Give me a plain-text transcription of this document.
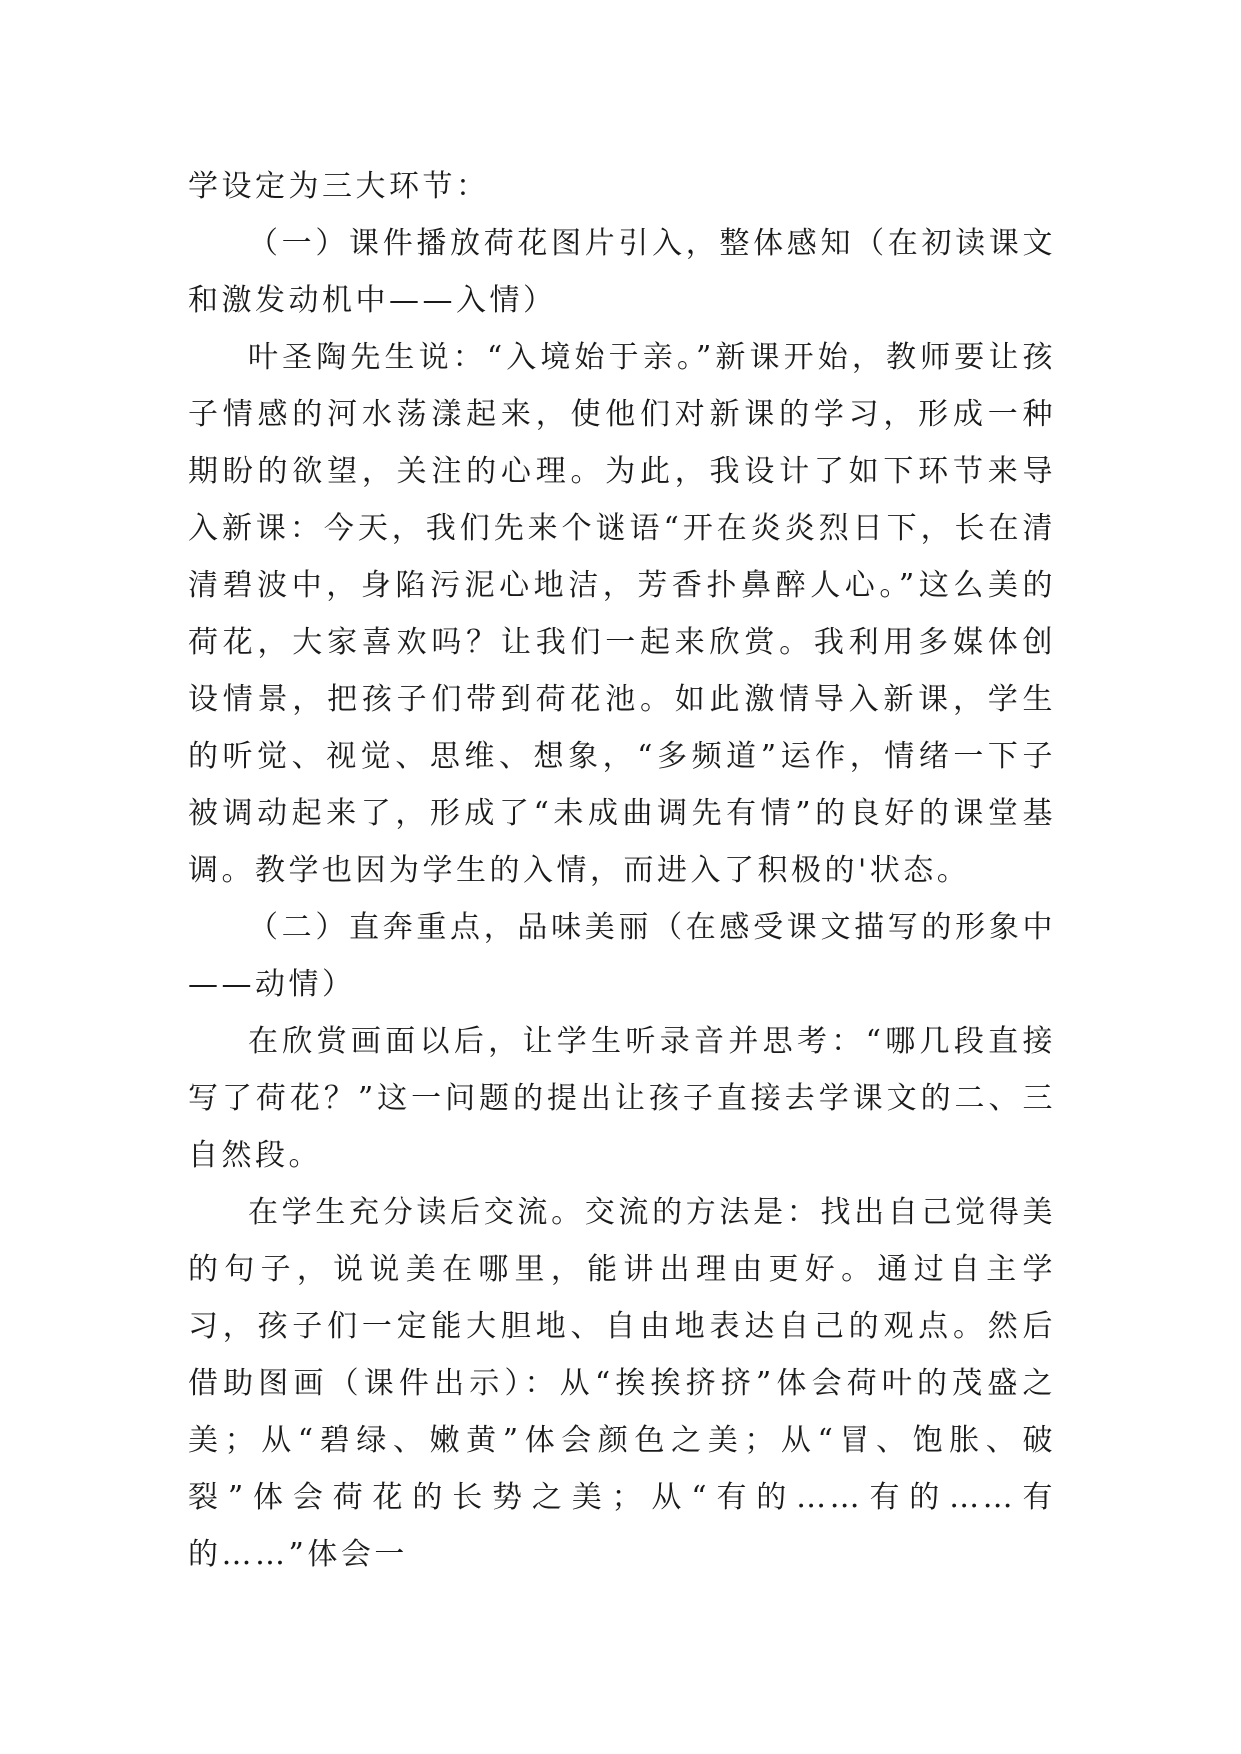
学设定为三大环节：

（一）课件播放荷花图片引入，整体感知（在初读课文和激发动机中——入情）

叶圣陶先生说：“入境始于亲。”新课开始，教师要让孩子情感的河水荡漾起来，使他们对新课的学习，形成一种期盼的欲望，关注的心理。为此，我设计了如下环节来导入新课：今天，我们先来个谜语“开在炎炎烈日下，长在清清碧波中，身陷污泥心地洁，芳香扑鼻醉人心。”这么美的荷花，大家喜欢吗？让我们一起来欣赏。我利用多媒体创设情景，把孩子们带到荷花池。如此激情导入新课，学生的听觉、视觉、思维、想象，“多频道”运作，情绪一下子被调动起来了，形成了“未成曲调先有情”的良好的课堂基调。教学也因为学生的入情，而进入了积极的'状态。

（二）直奔重点，品味美丽（在感受课文描写的形象中——动情）

在欣赏画面以后，让学生听录音并思考：“哪几段直接写了荷花？”这一问题的提出让孩子直接去学课文的二、三自然段。

在学生充分读后交流。交流的方法是：找出自己觉得美的句子，说说美在哪里，能讲出理由更好。通过自主学习，孩子们一定能大胆地、自由地表达自己的观点。然后借助图画（课件出示）：从“挨挨挤挤”体会荷叶的茂盛之美；从“碧绿、嫩黄”体会颜色之美；从“冒、饱胀、破裂”体会荷花的长势之美；从“有的……有的……有的……”体会一
